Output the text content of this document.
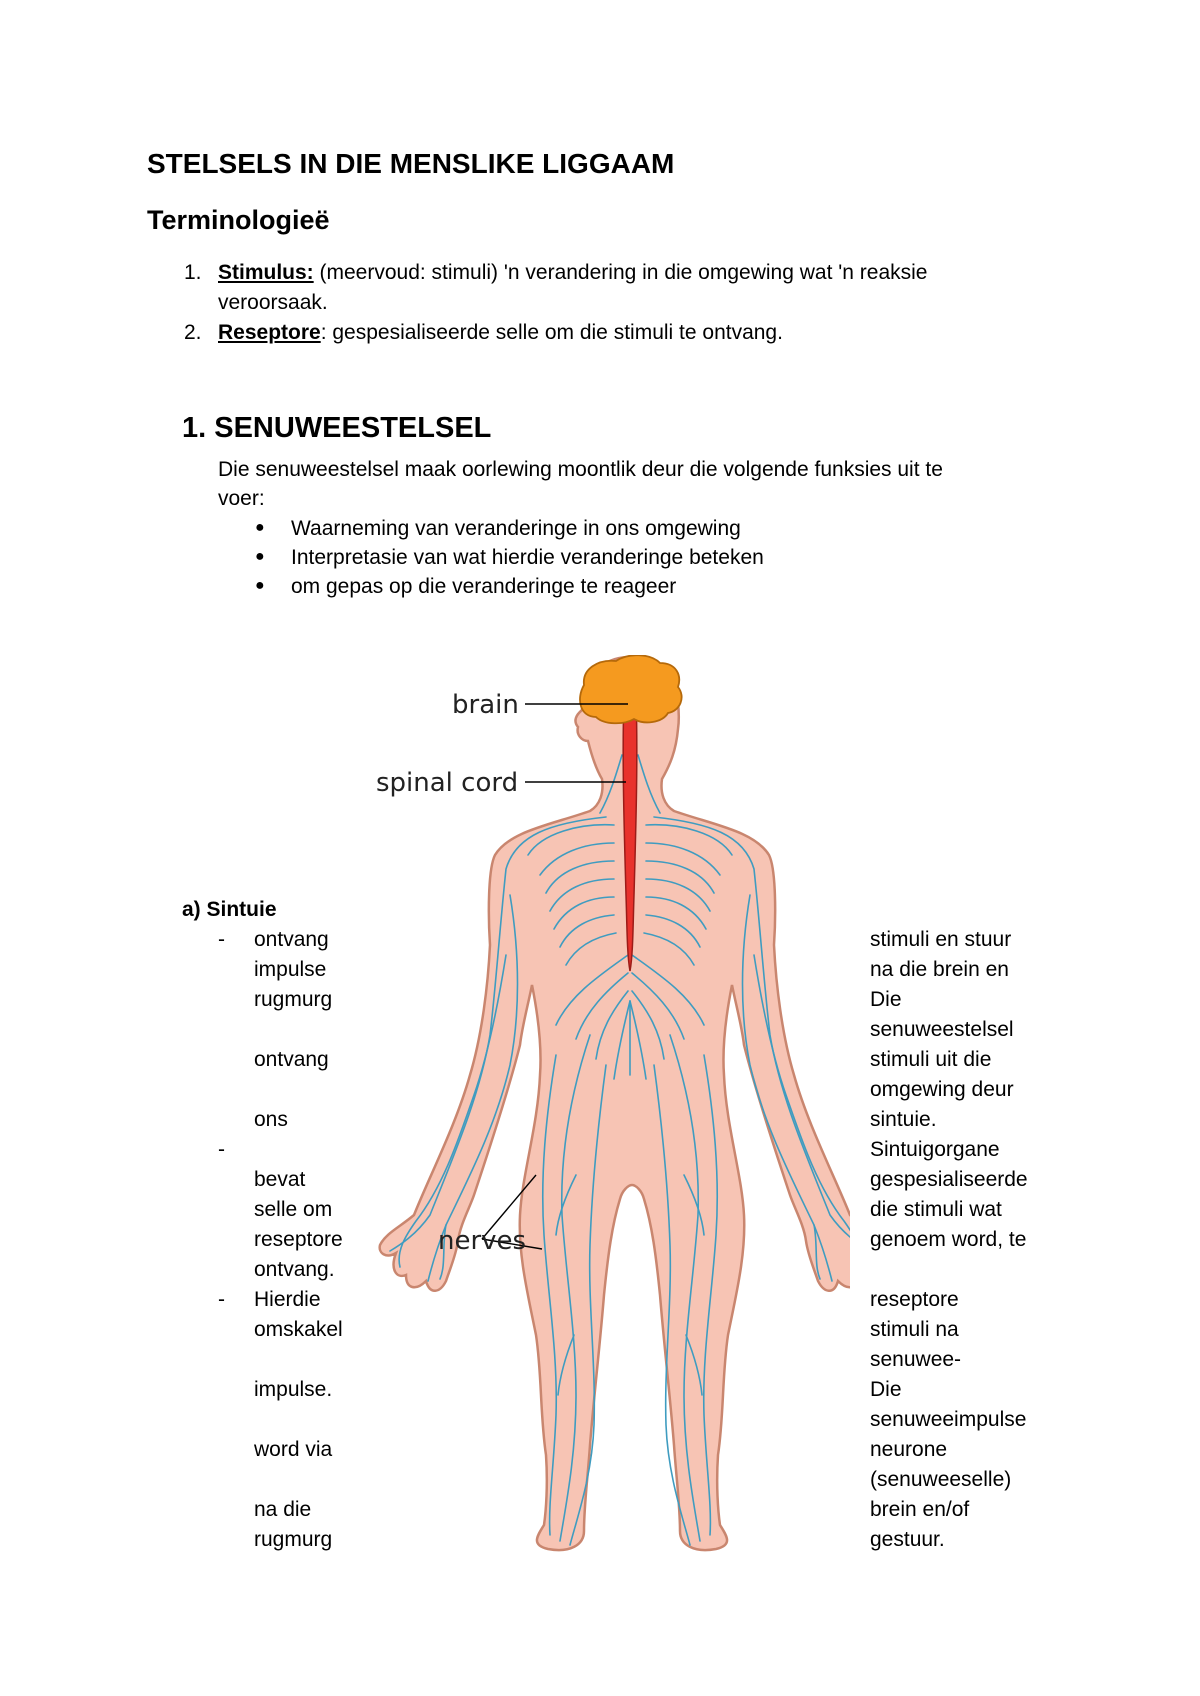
STELSELS IN DIE MENSLIKE LIGGAAM
Terminologieë
1. Stimulus: (meervoud: stimuli) 'n verandering in die omgewing wat 'n reaksie
veroorsaak.
2. Reseptore: gespesialiseerde selle om die stimuli te ontvang.
1. SENUWEESTELSEL
Die senuweestelsel maak oorlewing moontlik deur die volgende funksies uit te
voer:
● Waarneming van veranderinge in ons omgewing
● Interpretasie van wat hierdie veranderinge beteken
● om gepas op die veranderinge te reageer
brain
spinal cord
nerves
a) Sintuie
- ontvang
impulse
rugmurg
ontvang
ons
-
bevat
selle om
reseptore
ontvang.
- Hierdie
omskakel
impulse.
word via
na die
rugmurg
stimuli en stuur
na die brein en
Die
senuweestelsel
stimuli uit die
omgewing deur
sintuie.
Sintuigorgane
gespesialiseerde
die stimuli wat
genoem word, te
reseptore
stimuli na
senuwee-
Die
senuweeimpulse
neurone
(senuweeselle)
brein en/of
gestuur.
